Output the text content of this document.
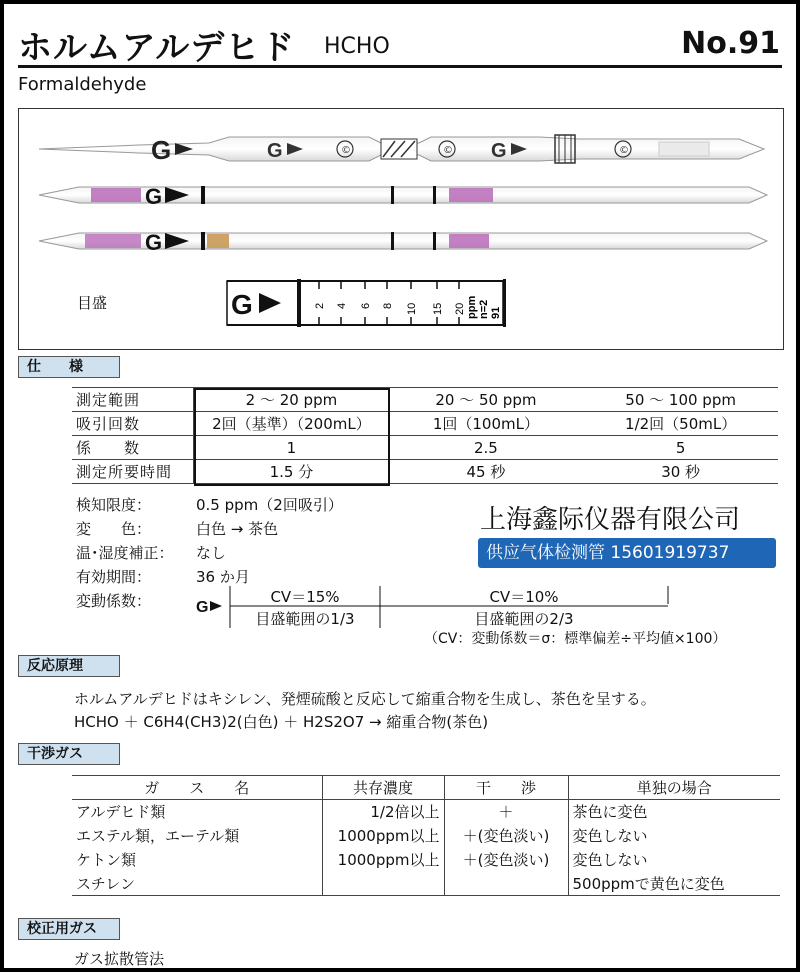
ホルムアルデヒド HCHO	No.91
Formaldehyde
G	G	©	© G	©
G
G
G	2 4 6 8 10 15 20 ppm n=2 91
目盛
仕　　様
測定範囲	2 ～ 20 ppm	20 ～ 50 ppm	50 ～ 100 ppm
吸引回数	2回（基準）（200mL）	1回（100mL）	1/2回（50mL）
係　　数	1	2.5	5
測定所要時間	1.5 分	45 秒	30 秒
検知限度：	0.5 ppm（2回吸引）
変　　色：	白色 → 茶色
温･湿度補正： なし
有効期間：	36 か月
変動係数：	G
CV＝15%
目盛範囲の1/3
CV＝10%
目盛範囲の2/3
（CV：変動係数＝σ：標準偏差÷平均値×100）
上海鑫际仪器有限公司
供应气体检测管 15601919737
反応原理
ホルムアルデヒドはキシレン、発煙硫酸と反応して縮重合物を生成し、茶色を呈する。
HCHO ＋ C6H4(CH3)2(白色) ＋ H2S2O7 → 縮重合物(茶色)
干渉ガス
ガ　　ス　　名	共存濃度	干　　渉	単独の場合
アルデヒド類	1/2倍以上	＋	茶色に変色
エステル類，エーテル類	1000ppm以上	＋(変色淡い)	変色しない
ケトン類	1000ppm以上	＋(変色淡い)	変色しない
スチレン			500ppmで黄色に変色
校正用ガス
ガス拡散管法
